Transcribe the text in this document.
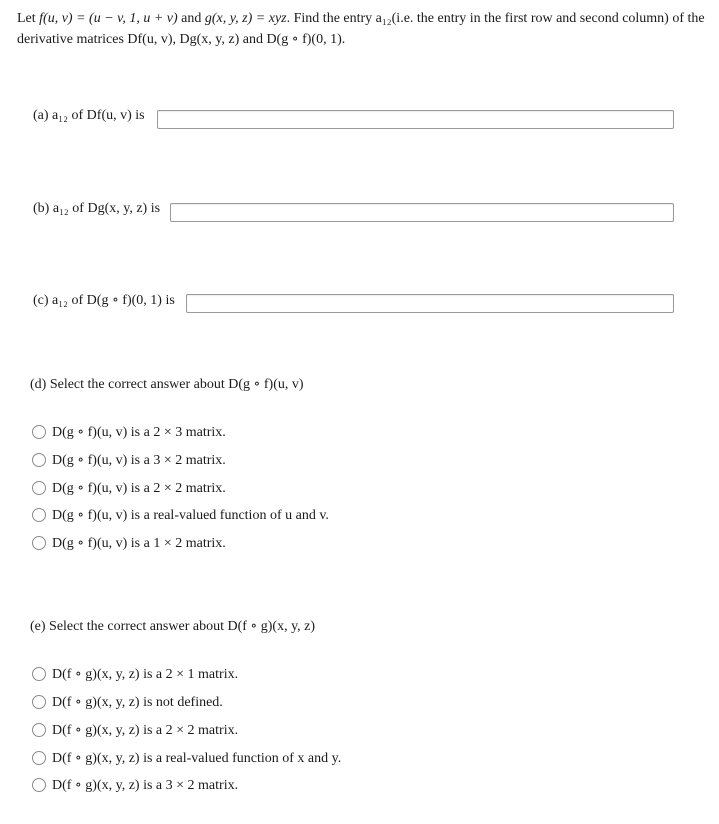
Let f(u, v) = (u − v, 1, u + v) and g(x, y, z) = xyz. Find the entry a₁₂(i.e. the entry in the first row and second column) of the derivative matrices Df(u, v), Dg(x, y, z) and D(g ∘ f)(0, 1).
(a) a₁₂ of Df(u, v) is
(b) a₁₂ of Dg(x, y, z) is
(c) a₁₂ of D(g ∘ f)(0, 1) is
(d) Select the correct answer about D(g ∘ f)(u, v)
D(g ∘ f)(u, v) is a 2 × 3 matrix.
D(g ∘ f)(u, v) is a 3 × 2 matrix.
D(g ∘ f)(u, v) is a 2 × 2 matrix.
D(g ∘ f)(u, v) is a real-valued function of u and v.
D(g ∘ f)(u, v) is a 1 × 2 matrix.
(e) Select the correct answer about D(f ∘ g)(x, y, z)
D(f ∘ g)(x, y, z) is a 2 × 1 matrix.
D(f ∘ g)(x, y, z) is not defined.
D(f ∘ g)(x, y, z) is a 2 × 2 matrix.
D(f ∘ g)(x, y, z) is a real-valued function of x and y.
D(f ∘ g)(x, y, z) is a 3 × 2 matrix.
